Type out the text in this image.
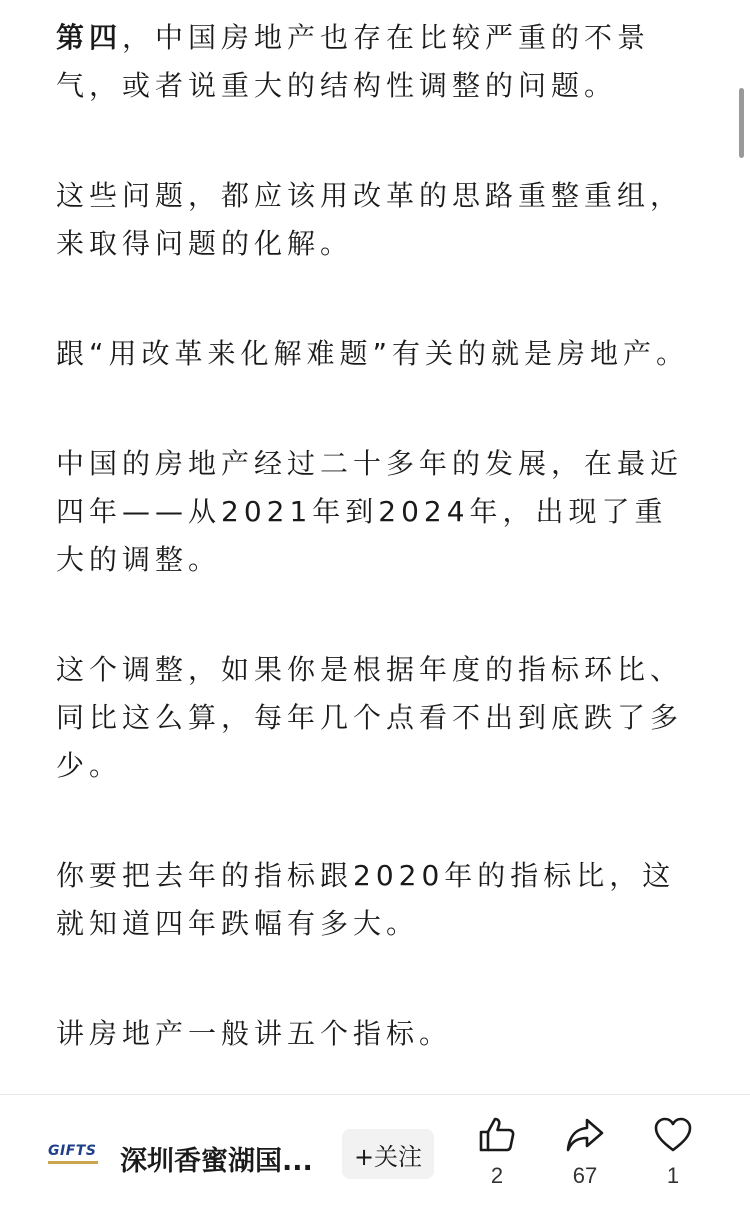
第四，中国房地产也存在比较严重的不景气，或者说重大的结构性调整的问题。

这些问题，都应该用改革的思路重整重组，来取得问题的化解。

跟“用改革来化解难题”有关的就是房地产。

中国的房地产经过二十多年的发展，在最近四年——从2021年到2024年，出现了重大的调整。

这个调整，如果你是根据年度的指标环比、同比这么算，每年几个点看不出到底跌了多少。

你要把去年的指标跟2020年的指标比，这就知道四年跌幅有多大。

讲房地产一般讲五个指标。

GIFTS 深圳香蜜湖国...	+关注
2	67	1
